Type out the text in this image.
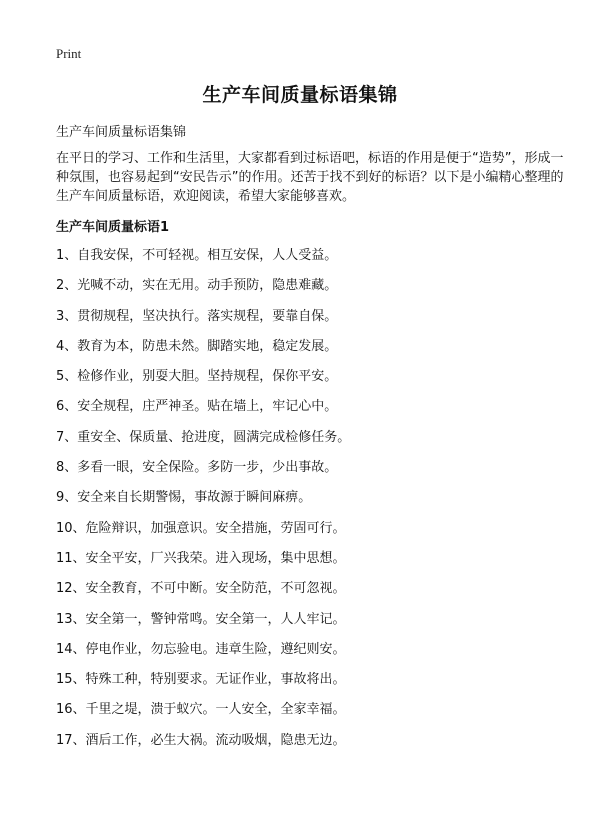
Print
生产车间质量标语集锦
生产车间质量标语集锦
在平日的学习、工作和生活里，大家都看到过标语吧，标语的作用是便于“造势”，形成一种氛围，也容易起到“安民告示”的作用。还苦于找不到好的标语？以下是小编精心整理的生产车间质量标语，欢迎阅读，希望大家能够喜欢。
生产车间质量标语1
1、自我安保，不可轻视。相互安保，人人受益。
2、光喊不动，实在无用。动手预防，隐患难藏。
3、贯彻规程，坚决执行。落实规程，要靠自保。
4、教育为本，防患未然。脚踏实地，稳定发展。
5、检修作业，别耍大胆。坚持规程，保你平安。
6、安全规程，庄严神圣。贴在墙上，牢记心中。
7、重安全、保质量、抢进度，圆满完成检修任务。
8、多看一眼，安全保险。多防一步，少出事故。
9、安全来自长期警惕，事故源于瞬间麻痹。
10、危险辩识，加强意识。安全措施，劳固可行。
11、安全平安，厂兴我荣。进入现场，集中思想。
12、安全教育，不可中断。安全防范，不可忽视。
13、安全第一，警钟常鸣。安全第一，人人牢记。
14、停电作业，勿忘验电。违章生险，遵纪则安。
15、特殊工种，特别要求。无证作业，事故将出。
16、千里之堤，溃于蚁穴。一人安全，全家幸福。
17、酒后工作，必生大祸。流动吸烟，隐患无边。
